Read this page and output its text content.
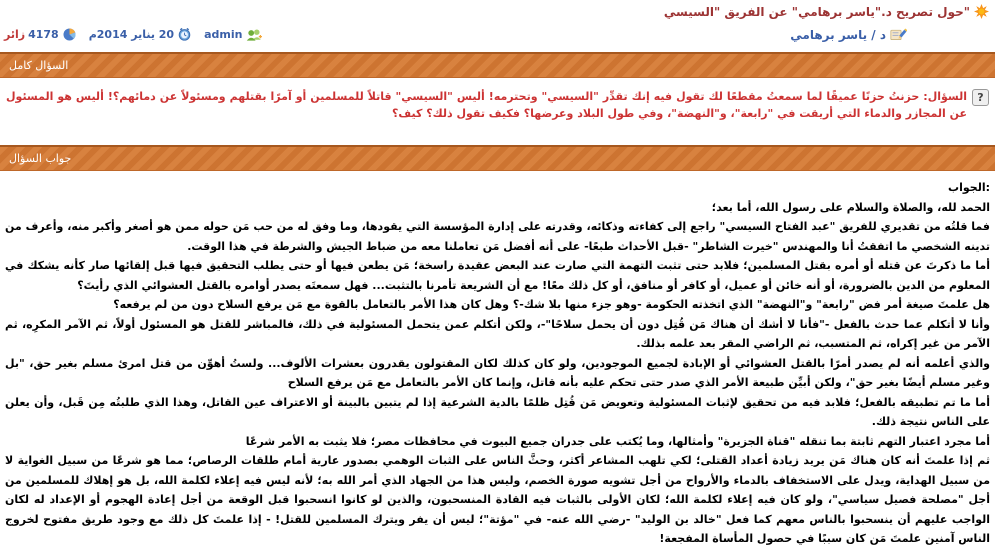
"حول تصريح د."ياسر برهامي" عن الفريق "السيسي
د / ياسر برهامي
admin
20 يناير 2014م
4178
زائر
السؤال كامل
?
السؤال: حزنتُ حزنًا عميقًا لما سمعتُ مقطعًا لك تقول فيه إنك تقدِّر "السيسي" وتحترمه! أليس "السيسي" قاتلاً للمسلمين أو آمرًا بقتلهم ومسئولاً عن دمائهم؟! أليس هو المسئول عن المجازر والدماء التي أريقت في "رابعة"، و"النهضة"، وفي طول البلاد وعرضها؟ فكيف تقول ذلك؟ كيف؟
جواب السؤال

:الجواب

الحمد لله، والصلاة والسلام على رسول الله، أما بعد؛

فما قلتُه من تقديري للفريق "عبد الفتاح السيسي" راجع إلى كفاءته وذكائه، وقدرته على إدارة المؤسسة التي يقودها، وما وفق له من حب مَن حوله ممن هو أصغر وأكبر منه، وأعرف من تدينه الشخصي ما اتفقتُ أنا والمهندس "خيرت الشاطر" -قبل الأحداث طبعًا- على أنه أفضل مَن تعاملنا معه من ضباط الجيش والشرطة في هذا الوقت.

أما ما ذكرتَ عن قتله أو أمره بقتل المسلمين؛ فلابد حتى تثبت التهمة التي صارت عند البعض عقيدة راسخة؛ مَن يطعن فيها أو حتى يطلب التحقيق فيها قبل إلقائها صار كأنه يشكك في المعلوم من الدين بالضرورة، أو أنه خائن أو عميل، أو كافر أو منافق، أو كل ذلك معًا! مع أن الشريعة تأمرنا بالتثبت... فهل سمعتَه يصدر أوامره بالقتل العشوائي الذي رأيتَ؟

هل علمتَ صيغة أمر فض "رابعة" و"النهضة" الذي اتخذته الحكومة -وهو جزء منها بلا شك-؟ وهل كان هذا الأمر بالتعامل بالقوة مع مَن يرفع السلاح دون من لم يرفعه؟

وأنا لا أتكلم عما حدث بالفعل -"فأنا لا أشك أن هناك مَن قُتِل دون أن يحمل سلاحًا"-، ولكن أتكلم عمن يتحمل المسئولية في ذلك، فالمباشر للقتل هو المسئول أولاً، ثم الآمر المكرِه، ثم الآمر من غير إكراه، ثم المتسبب، ثم الراضي المقر بعد علمه بذلك.

والذي أعلمه أنه لم يصدر أمرًا بالقتل العشوائي أو الإبادة لجميع الموجودين، ولو كان كذلك لكان المقتولون يقدرون بعشرات الألوف... ولستُ أهوِّن من قتل امرئ مسلم بغير حق، "بل وغير مسلم أيضًا بغير حق"، ولكن أبيِّن طبيعة الأمر الذي صدر حتى تحكم عليه بأنه قاتل، وإنما كان الأمر بالتعامل مع مَن يرفع السلاح

أما ما تم تطبيقه بالفعل؛ فلابد فيه من تحقيق لإثبات المسئولية وتعويض مَن قُتِل ظلمًا بالدية الشرعية إذا لم يتبين بالبينة أو الاعتراف عين القاتل، وهذا الذي طلبتُه مِن قَبل، وأن يعلن على الناس نتيجة ذلك.

أما مجرد اعتبار التهم ثابتة بما تنقله "قناة الجزيرة" وأمثالها، وما يُكتب على جدران جميع البيوت في محافظات مصر؛ فلا يثبت به الأمر شرعًا

ثم إذا علمتَ أنه كان هناك مَن يريد زيادة أعداد القتلى؛ لكي تلهب المشاعر أكثر، وحثَّ الناس على الثبات الوهمي بصدور عارية أمام طلقات الرصاص؛ مما هو شرعًا من سبيل الغواية لا من سبيل الهداية، ويدل على الاستخفاف بالدماء والأرواح من أجل تشويه صورة الخصم، وليس هذا من الجهاد الذي أمر الله به؛ لأنه ليس فيه إعلاء لكلمة الله، بل هو إهلاك للمسلمين من أجل "مصلحة فصيل سياسي"، ولو كان فيه إعلاء لكلمة الله؛ لكان الأولى بالثبات فيه القادة المنسحبون، والذين لو كانوا انسحبوا قبل الوقعة من أجل إعادة الهجوم أو الإعداد له لكان الواجب عليهم أن ينسحبوا بالناس معهم كما فعل "خالد بن الوليد" -رضي الله عنه- في "مؤتة"؛ ليس أن يفر ويترك المسلمين للقتل! - إذا علمتَ كل ذلك مع وجود طريق مفتوح لخروج الناس آمنين علمتَ مَن كان سببًا في حصول المأساة المفجعة!
